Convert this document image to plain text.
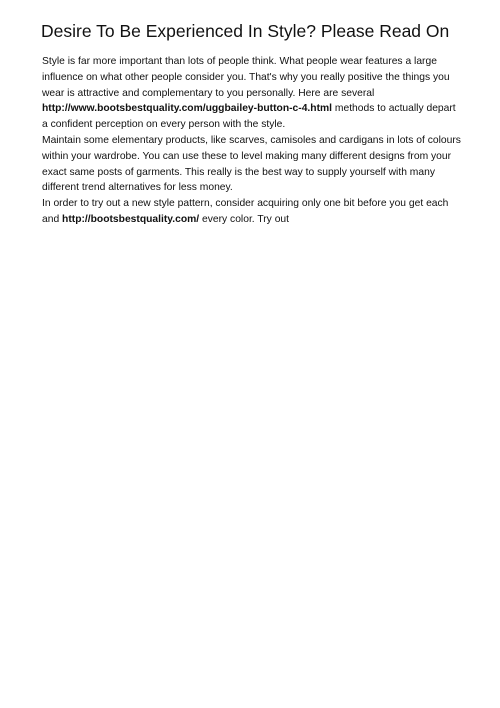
Desire To Be Experienced In Style? Please Read On

Style is far more important than lots of people think. What people wear features a large influence on what other people consider you. That's why you really positive the things you wear is attractive and complementary to you personally. Here are several http://www.bootsbestquality.com/uggbailey-button-c-4.html methods to actually depart a confident perception on every person with the style.

Maintain some elementary products, like scarves, camisoles and cardigans in lots of colours within your wardrobe. You can use these to level making many different designs from your exact same posts of garments. This really is the best way to supply yourself with many different trend alternatives for less money.

In order to try out a new style pattern, consider acquiring only one bit before you get each and http://bootsbestquality.com/ every color. Try out
